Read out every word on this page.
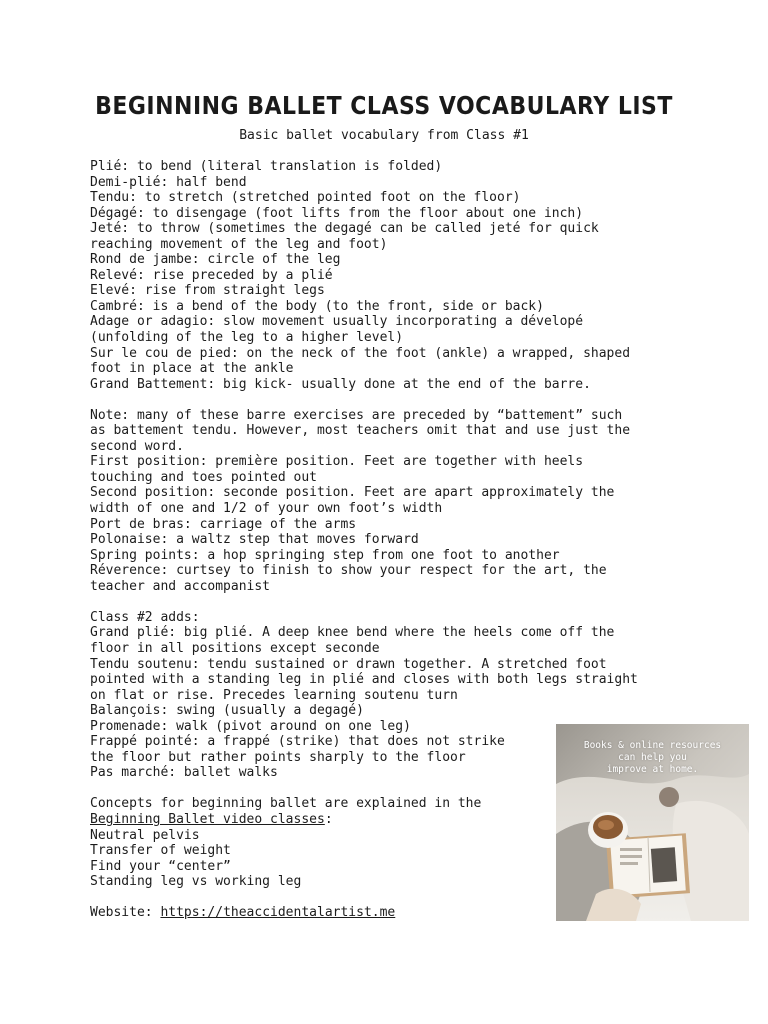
BEGINNING BALLET CLASS VOCABULARY LIST

Basic ballet vocabulary from Class #1

Plié: to bend (literal translation is folded)
Demi-plié: half bend
Tendu: to stretch (stretched pointed foot on the floor)
Dégagé: to disengage (foot lifts from the floor about one inch)
Jeté: to throw (sometimes the degagé can be called jeté for quick
reaching movement of the leg and foot)
Rond de jambe: circle of the leg
Relevé: rise preceded by a plié
Elevé: rise from straight legs
Cambré: is a bend of the body (to the front, side or back)
Adage or adagio: slow movement usually incorporating a dévelopé
(unfolding of the leg to a higher level)
Sur le cou de pied: on the neck of the foot (ankle) a wrapped, shaped
foot in place at the ankle
Grand Battement: big kick- usually done at the end of the barre.
Note: many of these barre exercises are preceded by “battement” such
as battement tendu. However, most teachers omit that and use just the
second word.
First position: première position. Feet are together with heels
touching and toes pointed out
Second position: seconde position. Feet are apart approximately the
width of one and 1/2 of your own foot’s width
Port de bras: carriage of the arms
Polonaise: a waltz step that moves forward
Spring points: a hop springing step from one foot to another
Réverence: curtsey to finish to show your respect for the art, the
teacher and accompanist
Class #2 adds:
Grand plié: big plié. A deep knee bend where the heels come off the
floor in all positions except seconde
Tendu soutenu: tendu sustained or drawn together. A stretched foot
pointed with a standing leg in plié and closes with both legs straight
on flat or rise. Precedes learning soutenu turn
Balançois: swing (usually a degagé)
Promenade: walk (pivot around on one leg)
Frappé pointé: a frappé (strike) that does not strike
the floor but rather points sharply to the floor
Pas marché: ballet walks
Concepts for beginning ballet are explained in the
Beginning Ballet video classes:
Neutral pelvis
Transfer of weight
Find your “center”
Standing leg vs working leg
Website: https://theaccidentalartist.me
Books & online resources
can help you
improve at home.
